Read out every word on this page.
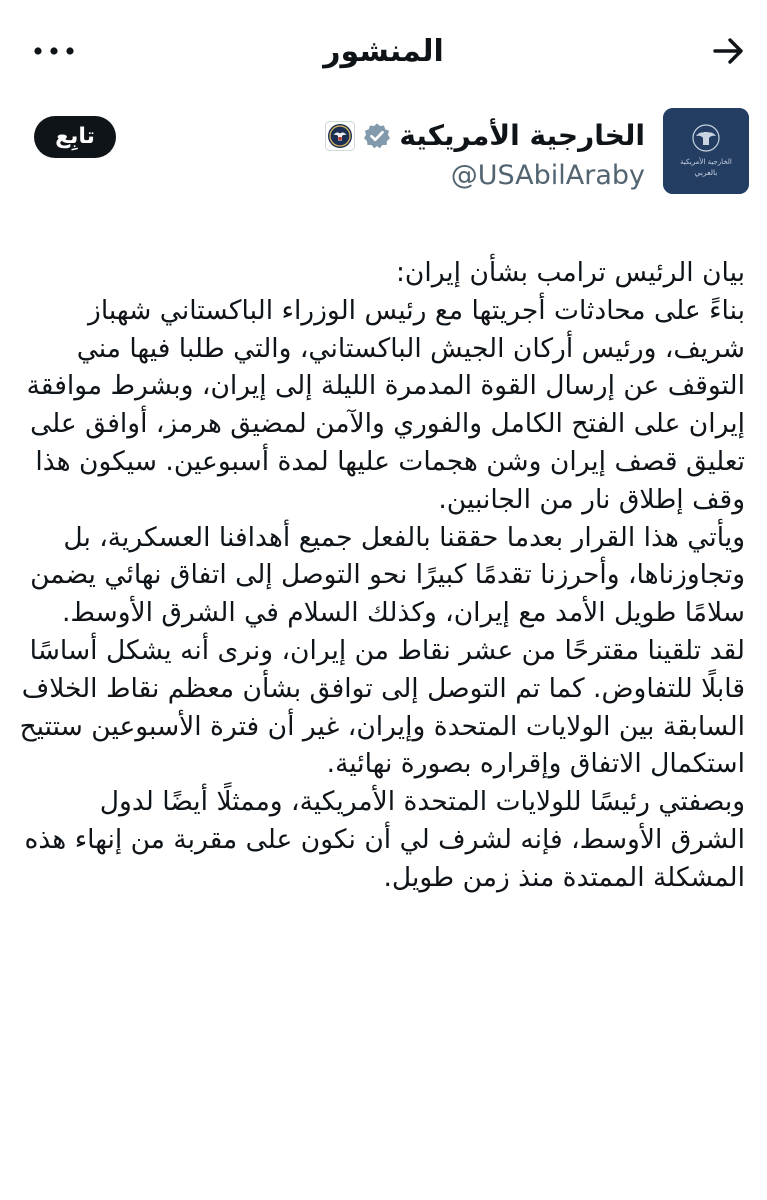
المنشور
الخارجية الأمريكية
بالعربي
الخارجية الأمريكية
@USAbilAraby
تابِع

بيان الرئيس ترامب بشأن إيران:

بناءً على محادثات أجريتها مع رئيس الوزراء الباكستاني شهباز شريف، ورئيس أركان الجيش الباكستاني، والتي طلبا فيها مني التوقف عن إرسال القوة المدمرة الليلة إلى إيران، وبشرط موافقة إيران على الفتح الكامل والفوري والآمن لمضيق هرمز، أوافق على تعليق قصف إيران وشن هجمات عليها لمدة أسبوعين. سيكون هذا وقف إطلاق نار من الجانبين.

ويأتي هذا القرار بعدما حققنا بالفعل جميع أهدافنا العسكرية، بل وتجاوزناها، وأحرزنا تقدمًا كبيرًا نحو التوصل إلى اتفاق نهائي يضمن سلامًا طويل الأمد مع إيران، وكذلك السلام في الشرق الأوسط.

لقد تلقينا مقترحًا من عشر نقاط من إيران، ونرى أنه يشكل أساسًا قابلًا للتفاوض. كما تم التوصل إلى توافق بشأن معظم نقاط الخلاف السابقة بين الولايات المتحدة وإيران، غير أن فترة الأسبوعين ستتيح استكمال الاتفاق وإقراره بصورة نهائية.

وبصفتي رئيسًا للولايات المتحدة الأمريكية، وممثلًا أيضًا لدول الشرق الأوسط، فإنه لشرف لي أن نكون على مقربة من إنهاء هذه المشكلة الممتدة منذ زمن طويل.
